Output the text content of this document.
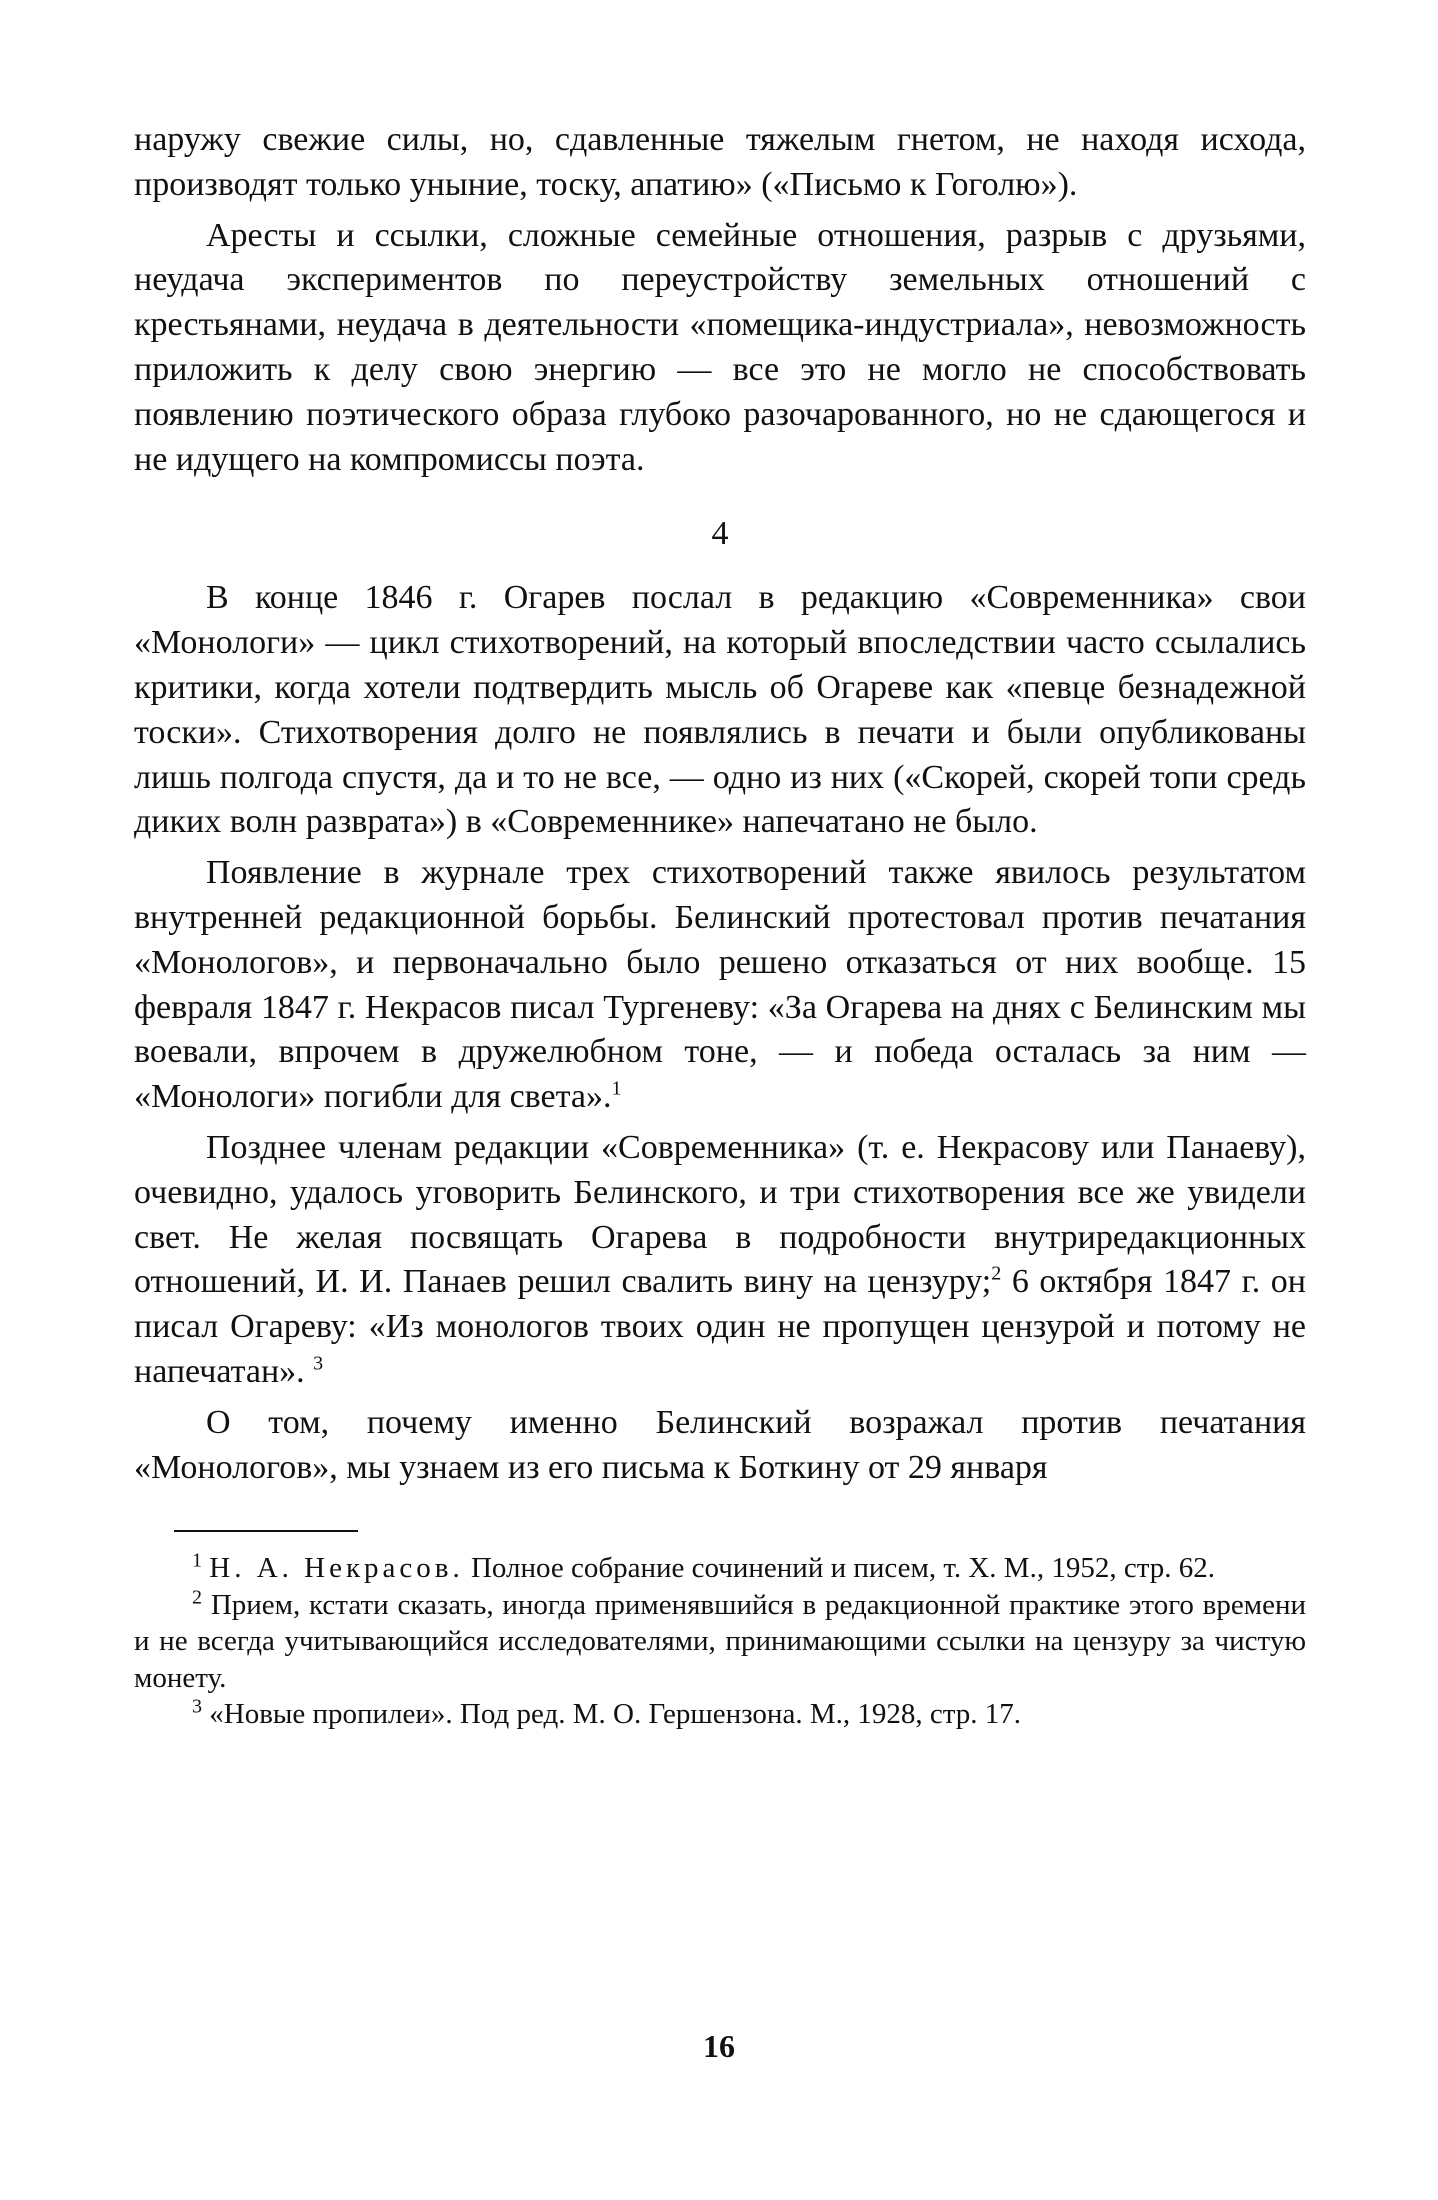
наружу свежие силы, но, сдавленные тяжелым гнетом, не находя исхода, производят только уныние, тоску, апатию» («Письмо к Гоголю»).

Аресты и ссылки, сложные семейные отношения, разрыв с друзьями, неудача экспериментов по переустройству земельных отношений с крестьянами, неудача в деятельности «помещика-индустриала», невозможность приложить к делу свою энергию — все это не могло не способствовать появлению поэтического образа глубоко разочарованного, но не сдающегося и не идущего на компромиссы поэта.

4

В конце 1846 г. Огарев послал в редакцию «Современника» свои «Монологи» — цикл стихотворений, на который впоследствии часто ссылались критики, когда хотели подтвердить мысль об Огареве как «певце безнадежной тоски». Стихотворения долго не появлялись в печати и были опубликованы лишь полгода спустя, да и то не все, — одно из них («Скорей, скорей топи средь диких волн разврата») в «Современнике» напечатано не было.

Появление в журнале трех стихотворений также явилось результатом внутренней редакционной борьбы. Белинский протестовал против печатания «Монологов», и первоначально было решено отказаться от них вообще. 15 февраля 1847 г. Некрасов писал Тургеневу: «За Огарева на днях с Белинским мы воевали, впрочем в дружелюбном тоне, — и победа осталась за ним — «Монологи» погибли для света».$^1$

Позднее членам редакции «Современника» (т. е. Некрасову или Панаеву), очевидно, удалось уговорить Белинского, и три стихотворения все же увидели свет. Не желая посвящать Огарева в подробности внутриредакционных отношений, И. И. Панаев решил свалить вину на цензуру;$^2$ 6 октября 1847 г. он писал Огареву: «Из монологов твоих один не пропущен цензурой и потому не напечатан». $^3$

О том, почему именно Белинский возражал против печатания «Монологов», мы узнаем из его письма к Боткину от 29 января

$^1$ Н. А. Некрасов. Полное собрание сочинений и писем, т. X. М., 1952, стр. 62.

$^2$ Прием, кстати сказать, иногда применявшийся в редакционной практике этого времени и не всегда учитывающийся исследователями, принимающими ссылки на цензуру за чистую монету.

$^3$ «Новые пропилеи». Под ред. М. О. Гершензона. М., 1928, стр. 17.

16
